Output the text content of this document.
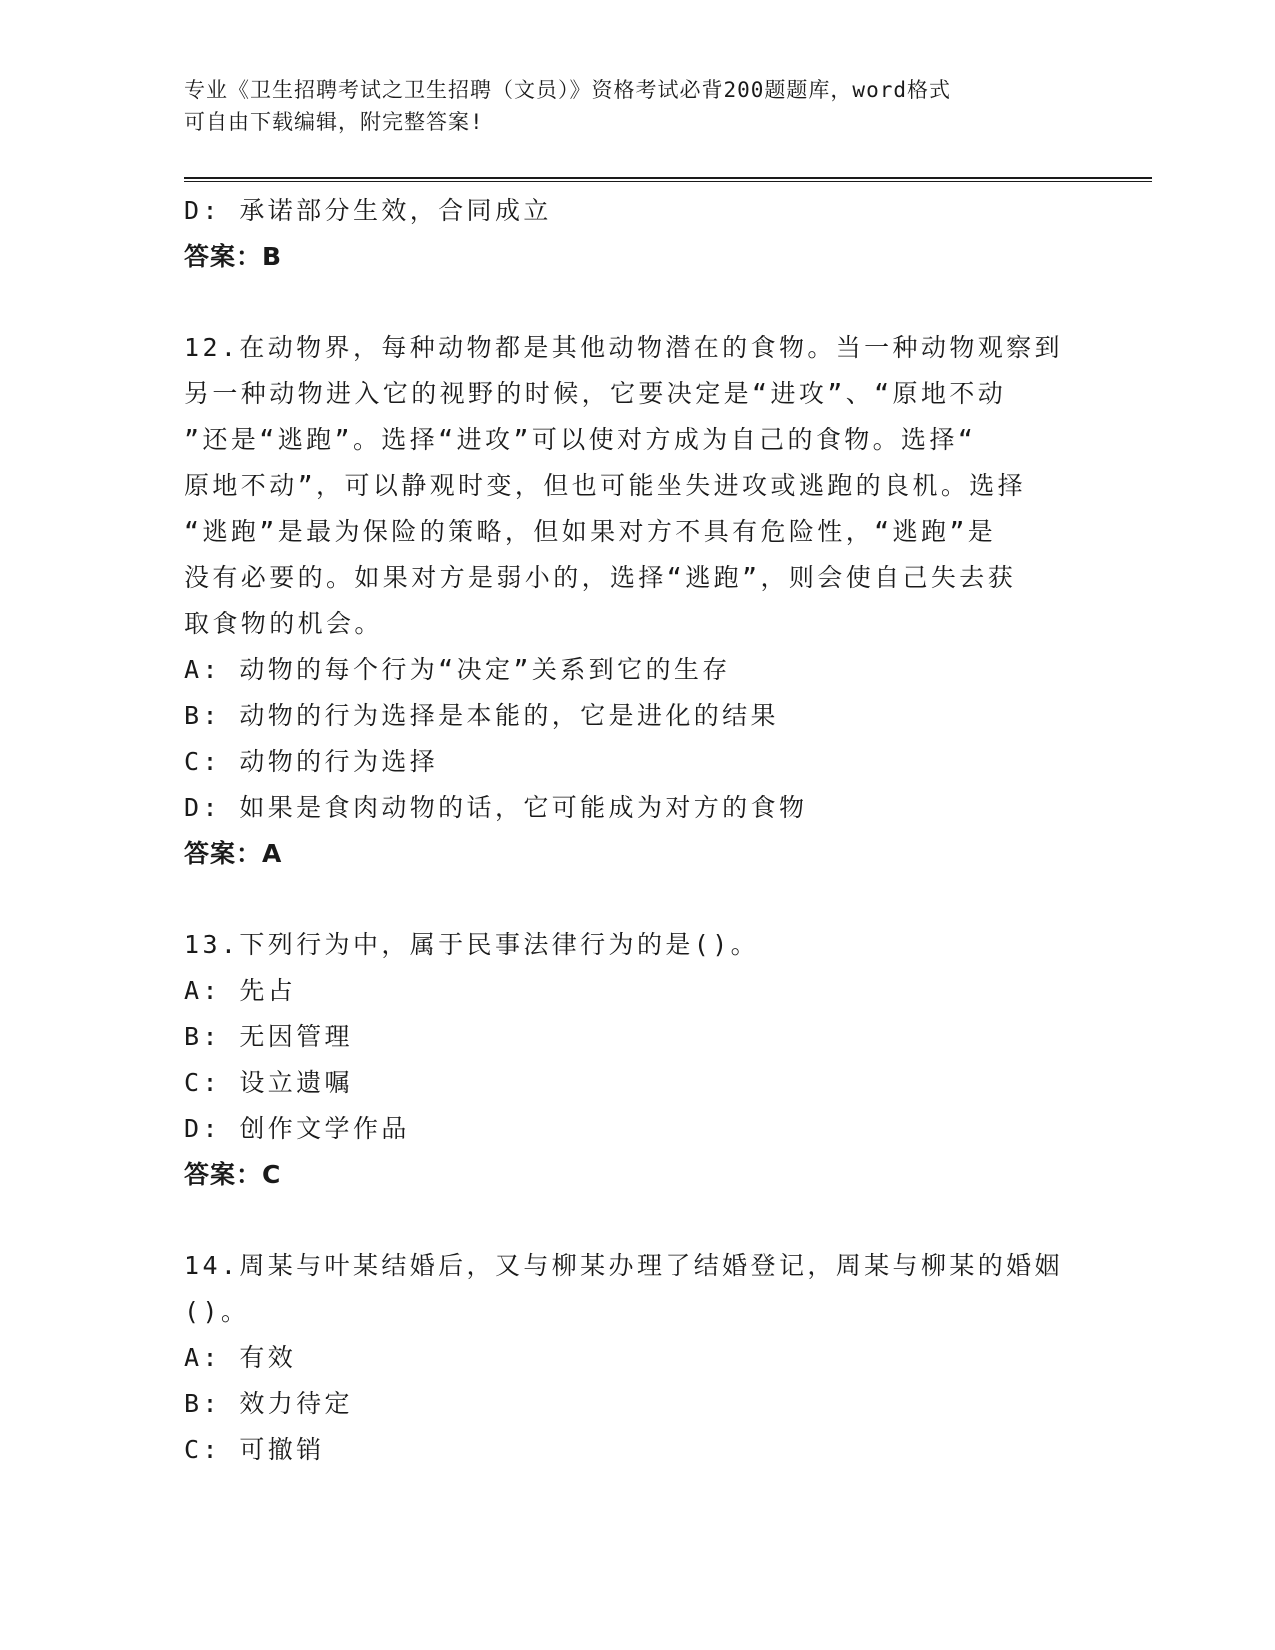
专业《卫生招聘考试之卫生招聘（文员）》资格考试必背200题题库，word格式
可自由下载编辑，附完整答案!
D: 承诺部分生效，合同成立
答案：B
12.在动物界，每种动物都是其他动物潜在的食物。当一种动物观察到
另一种动物进入它的视野的时候，它要决定是“进攻”、“原地不动
”还是“逃跑”。选择“进攻”可以使对方成为自己的食物。选择“
原地不动”，可以静观时变，但也可能坐失进攻或逃跑的良机。选择
“逃跑”是最为保险的策略，但如果对方不具有危险性，“逃跑”是
没有必要的。如果对方是弱小的，选择“逃跑”，则会使自己失去获
取食物的机会。
A: 动物的每个行为“决定”关系到它的生存
B: 动物的行为选择是本能的，它是进化的结果
C: 动物的行为选择
D: 如果是食肉动物的话，它可能成为对方的食物
答案：A
13.下列行为中，属于民事法律行为的是()。
A: 先占
B: 无因管理
C: 设立遗嘱
D: 创作文学作品
答案：C
14.周某与叶某结婚后，又与柳某办理了结婚登记，周某与柳某的婚姻
()。
A: 有效
B: 效力待定
C: 可撤销
